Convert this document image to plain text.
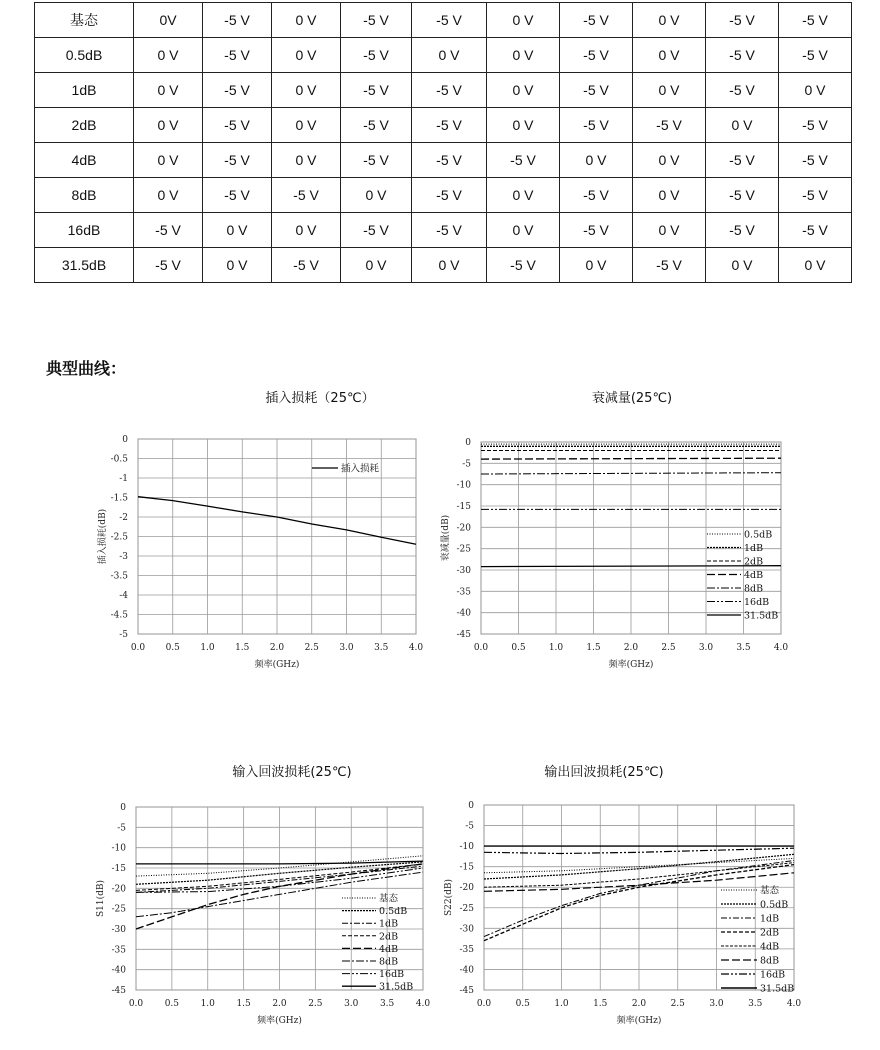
基态	0V	-5 V	0 V	-5 V	-5 V	0 V	-5 V	0 V	-5 V	-5 V
0.5dB	0 V	-5 V	0 V	-5 V	0 V	0 V	-5 V	0 V	-5 V	-5 V
1dB	0 V	-5 V	0 V	-5 V	-5 V	0 V	-5 V	0 V	-5 V	0 V
2dB	0 V	-5 V	0 V	-5 V	-5 V	0 V	-5 V	-5 V	0 V	-5 V
4dB	0 V	-5 V	0 V	-5 V	-5 V	-5 V	0 V	0 V	-5 V	-5 V
8dB	0 V	-5 V	-5 V	0 V	-5 V	0 V	-5 V	0 V	-5 V	-5 V
16dB	-5 V	0 V	0 V	-5 V	-5 V	0 V	-5 V	0 V	-5 V	-5 V
31.5dB	-5 V	0 V	-5 V	0 V	0 V	-5 V	0 V	-5 V	0 V	0 V
典型曲线：
插入损耗（25℃）
0.0 0.5 1.0 1.5 2.0 2.5 3.0 3.5 4.0
0
-0.5
-1
-1.5
-2
-2.5
-3
-3.5
-4
-4.5
-5
频率(GHz)
插入损耗(dB)
插入损耗
衰减量(25℃)
0.0	0.5	1.0	1.5	2.0	2.5	3.0	3.5	4.0
0
-5
-10
-15
-20
-25
-30
-35
-40
-45
频率(GHz)
衰减量(dB)	0.5dB
1dB
2dB
4dB
8dB
16dB
31.5dB
输入回波损耗(25℃)
0.0 0.5 1.0 1.5 2.0 2.5 3.0 3.5 4.0
0
-5
-10
-15
-20
-25
-30
-35
-40
-45
频率(GHz)
S11(dB)	基态
0.5dB
1dB
2dB
4dB
8dB
16dB
31.5dB
输出回波损耗(25℃)
0.0	0.5	1.0	1.5	2.0	2.5	3.0	3.5	4.0
0
-5
-10
-15
-20
-25
-30
-35
-40
-45
频率(GHz)
S22(dB)	基态
0.5dB
1dB
2dB
4dB
8dB
16dB
31.5dB
